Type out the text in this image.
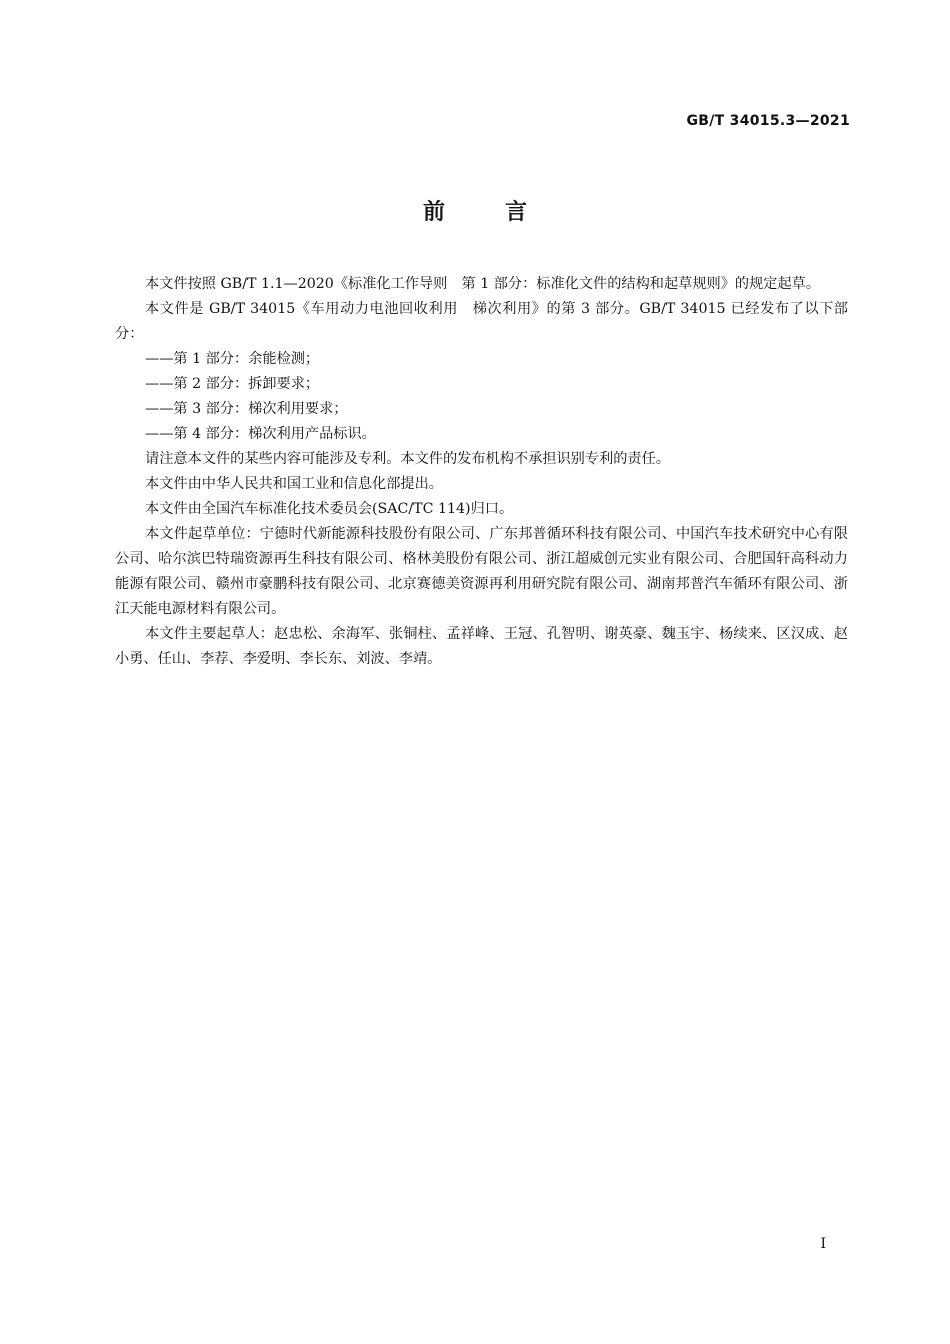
GB/T 34015.3—2021
前言

本文件按照 GB/T 1.1—2020《标准化工作导则　第 1 部分：标准化文件的结构和起草规则》的规定起草。

本文件是 GB/T 34015《车用动力电池回收利用　梯次利用》的第 3 部分。GB/T 34015 已经发布了以下部分：

——第 1 部分：余能检测；

——第 2 部分：拆卸要求；

——第 3 部分：梯次利用要求；

——第 4 部分：梯次利用产品标识。

请注意本文件的某些内容可能涉及专利。本文件的发布机构不承担识别专利的责任。

本文件由中华人民共和国工业和信息化部提出。

本文件由全国汽车标准化技术委员会(SAC/TC 114)归口。

本文件起草单位：宁德时代新能源科技股份有限公司、广东邦普循环科技有限公司、中国汽车技术研究中心有限公司、哈尔滨巴特瑞资源再生科技有限公司、格林美股份有限公司、浙江超威创元实业有限公司、合肥国轩高科动力能源有限公司、赣州市豪鹏科技有限公司、北京赛德美资源再利用研究院有限公司、湖南邦普汽车循环有限公司、浙江天能电源材料有限公司。

本文件主要起草人：赵忠松、余海军、张铜柱、孟祥峰、王冠、孔智明、谢英豪、魏玉宇、杨续来、区汉成、赵小勇、任山、李荐、李爱明、李长东、刘波、李靖。

I
